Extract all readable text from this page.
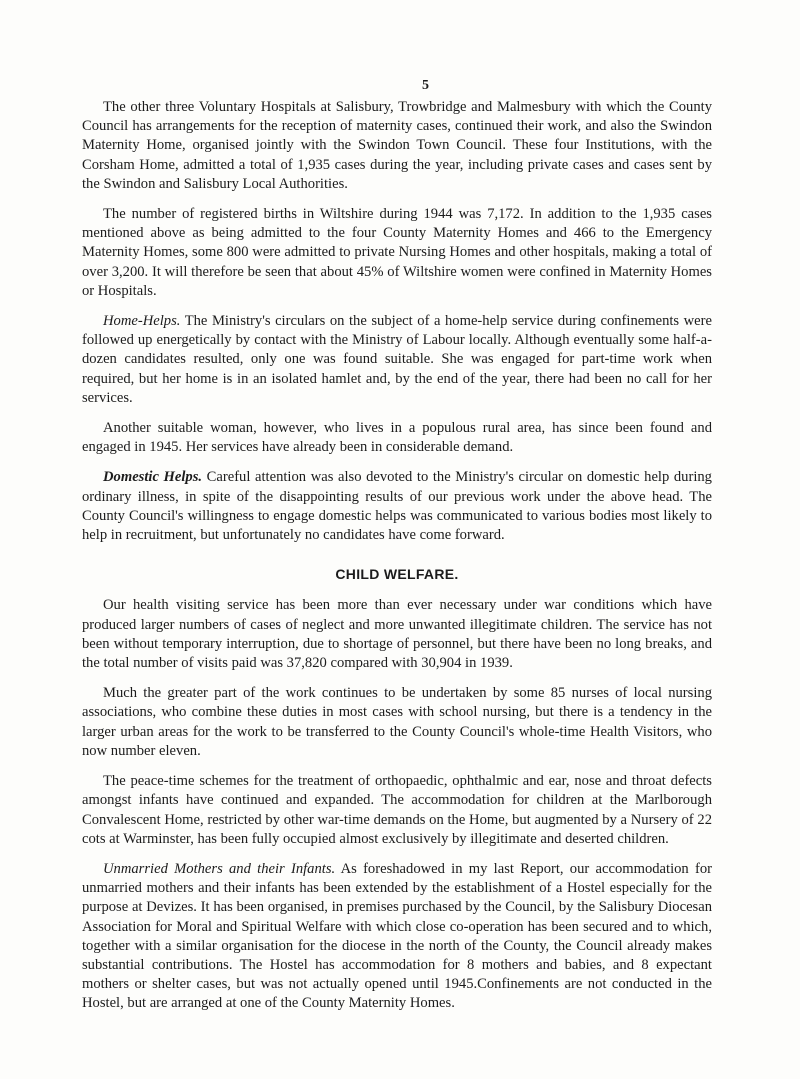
5

The other three Voluntary Hospitals at Salisbury, Trowbridge and Malmesbury with which the County Council has arrangements for the reception of maternity cases, continued their work, and also the Swindon Maternity Home, organised jointly with the Swindon Town Council. These four Institutions, with the Corsham Home, admitted a total of 1,935 cases during the year, including private cases and cases sent by the Swindon and Salisbury Local Authorities.

The number of registered births in Wiltshire during 1944 was 7,172. In addition to the 1,935 cases mentioned above as being admitted to the four County Maternity Homes and 466 to the Emergency Maternity Homes, some 800 were admitted to private Nursing Homes and other hospitals, making a total of over 3,200. It will therefore be seen that about 45% of Wiltshire women were confined in Maternity Homes or Hospitals.

Home-Helps. The Ministry's circulars on the subject of a home-help service during confinements were followed up energetically by contact with the Ministry of Labour locally. Although eventually some half-a-dozen candidates resulted, only one was found suitable. She was engaged for part-time work when required, but her home is in an isolated hamlet and, by the end of the year, there had been no call for her services.

Another suitable woman, however, who lives in a populous rural area, has since been found and engaged in 1945. Her services have already been in considerable demand.

Domestic Helps. Careful attention was also devoted to the Ministry's circular on domestic help during ordinary illness, in spite of the disappointing results of our previous work under the above head. The County Council's willingness to engage domestic helps was communicated to various bodies most likely to help in recruitment, but unfortunately no candidates have come forward.

CHILD WELFARE.

Our health visiting service has been more than ever necessary under war conditions which have produced larger numbers of cases of neglect and more unwanted illegitimate children. The service has not been without temporary interruption, due to shortage of personnel, but there have been no long breaks, and the total number of visits paid was 37,820 compared with 30,904 in 1939.

Much the greater part of the work continues to be undertaken by some 85 nurses of local nursing associations, who combine these duties in most cases with school nursing, but there is a tendency in the larger urban areas for the work to be transferred to the County Council's whole-time Health Visitors, who now number eleven.

The peace-time schemes for the treatment of orthopaedic, ophthalmic and ear, nose and throat defects amongst infants have continued and expanded. The accommodation for children at the Marlborough Convalescent Home, restricted by other war-time demands on the Home, but augmented by a Nursery of 22 cots at Warminster, has been fully occupied almost exclusively by illegitimate and deserted children.

Unmarried Mothers and their Infants. As foreshadowed in my last Report, our accommodation for unmarried mothers and their infants has been extended by the establishment of a Hostel especially for the purpose at Devizes. It has been organised, in premises purchased by the Council, by the Salisbury Diocesan Association for Moral and Spiritual Welfare with which close co-operation has been secured and to which, together with a similar organisation for the diocese in the north of the County, the Council already makes substantial contributions. The Hostel has accommodation for 8 mothers and babies, and 8 expectant mothers or shelter cases, but was not actually opened until 1945.Confinements are not conducted in the Hostel, but are arranged at one of the County Maternity Homes.
